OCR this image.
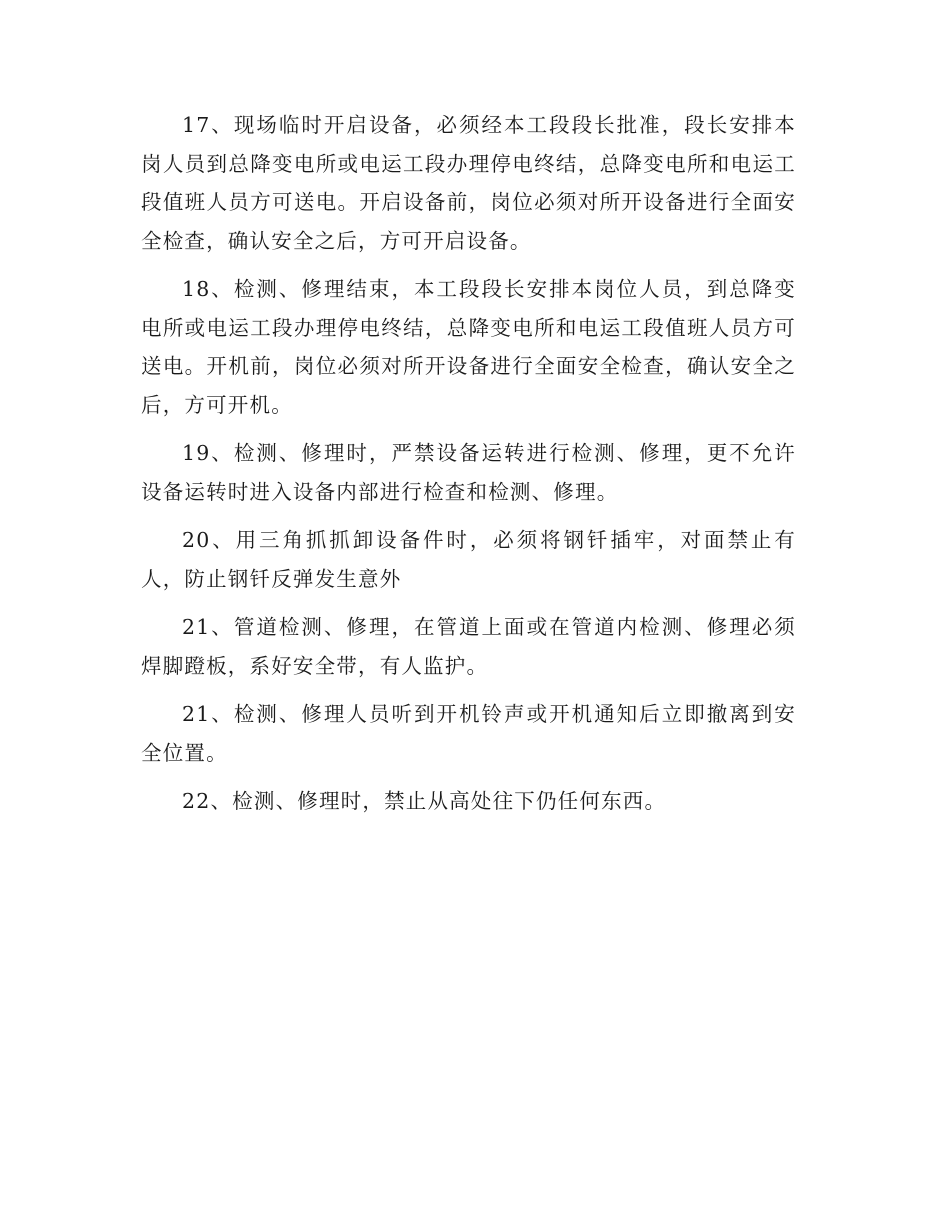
17、现场临时开启设备，必须经本工段段长批准，段长安排本岗人员到总降变电所或电运工段办理停电终结，总降变电所和电运工段值班人员方可送电。开启设备前，岗位必须对所开设备进行全面安全检查，确认安全之后，方可开启设备。

18、检测、修理结束，本工段段长安排本岗位人员，到总降变电所或电运工段办理停电终结，总降变电所和电运工段值班人员方可送电。开机前，岗位必须对所开设备进行全面安全检查，确认安全之后，方可开机。

19、检测、修理时，严禁设备运转进行检测、修理，更不允许设备运转时进入设备内部进行检查和检测、修理。

20、用三角抓抓卸设备件时，必须将钢钎插牢，对面禁止有人，防止钢钎反弹发生意外

21、管道检测、修理，在管道上面或在管道内检测、修理必须焊脚蹬板，系好安全带，有人监护。

21、检测、修理人员听到开机铃声或开机通知后立即撤离到安全位置。

22、检测、修理时，禁止从高处往下仍任何东西。
